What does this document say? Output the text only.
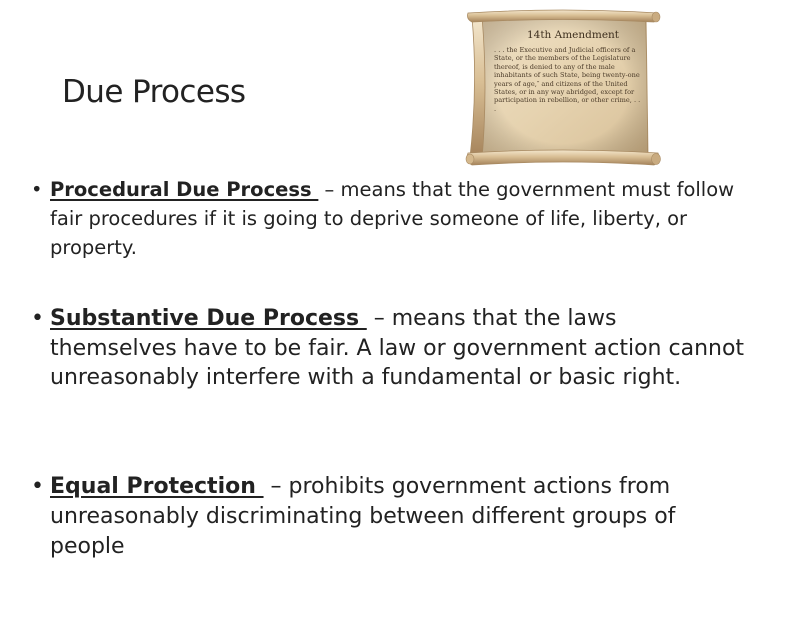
Due Process
14th Amendment
. . . the Executive and Judicial officers of a State, or the members of the Legislature thereof, is denied to any of the male inhabitants of such State, being twenty-one years of age,″ and citizens of the United States, or in any way abridged, except for participation in rebellion, or other crime, . . .
• Procedural Due Process  – means that the government must follow fair procedures if it is going to deprive someone of life, liberty, or property.
• Substantive Due Process  – means that the laws themselves have to be fair. A law or government action cannot unreasonably interfere with a fundamental or basic right.
• Equal Protection  – prohibits government actions from unreasonably discriminating between different groups of people
